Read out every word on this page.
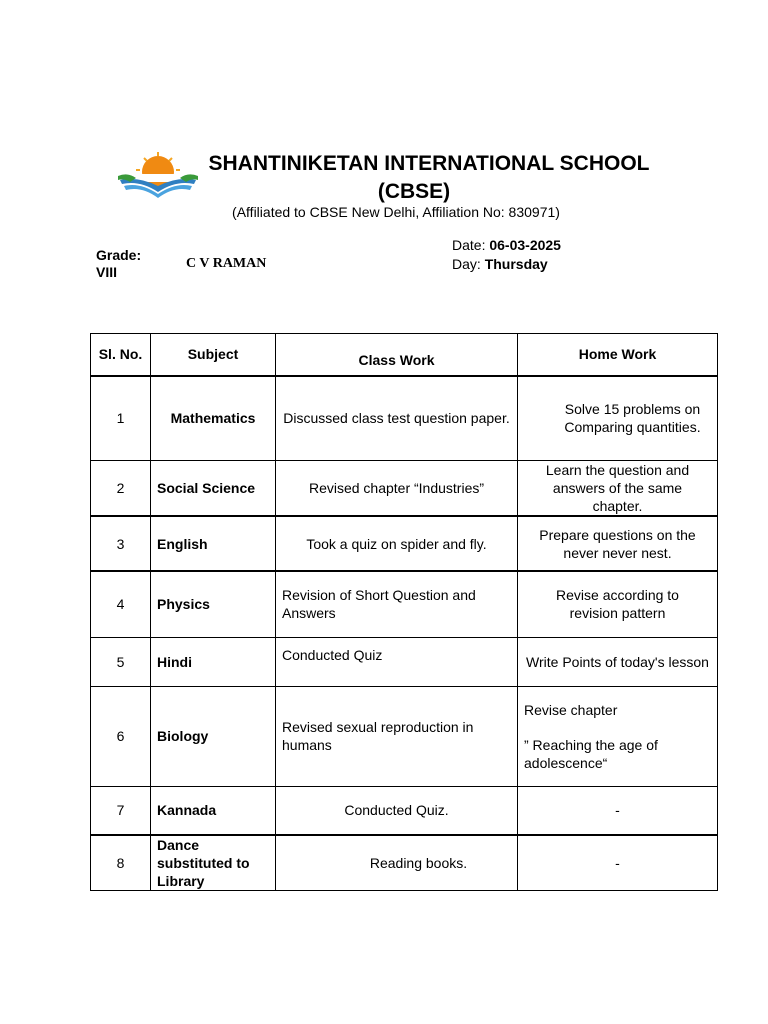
SHANTINIKETAN INTERNATIONAL SCHOOL
(CBSE)
(Affiliated to CBSE New Delhi, Affiliation No: 830971)
Grade:
VIII
C V RAMAN
Date: 06-03-2025
Day: Thursday
Sl. No.	Subject	Class Work	Home Work
1	Mathematics	Discussed class test question paper.	Solve 15 problems on Comparing quantities.
2	Social Science	Revised chapter “Industries”	Learn the question and answers of the same chapter.
3	English	Took a quiz on spider and fly.	Prepare questions on the never never nest.
4	Physics	Revision of Short Question and Answers	Revise according to revision pattern
5	Hindi	Conducted Quiz	Write Points of today's lesson
6	Biology	Revised sexual reproduction in humans	Revise chapter
” Reaching the age of adolescence“

7	Kannada	Conducted Quiz.	-
8	Dance substituted to Library	Reading books.	-
